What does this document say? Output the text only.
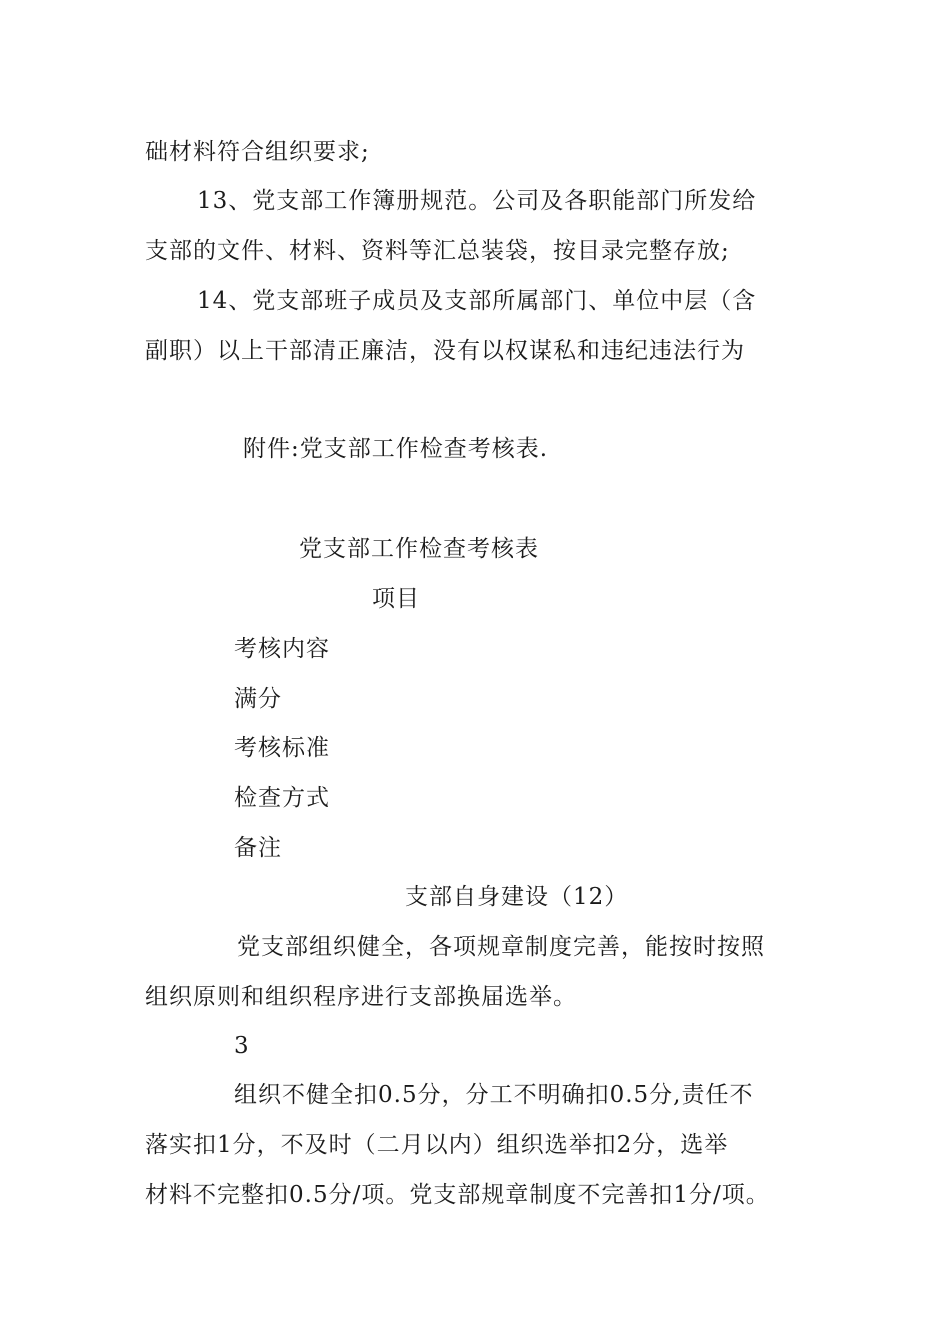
础材料符合组织要求;
13、党支部工作簿册规范。公司及各职能部门所发给
支部的文件、材料、资料等汇总装袋，按目录完整存放;
14、党支部班子成员及支部所属部门、单位中层（含
副职）以上干部清正廉洁，没有以权谋私和违纪违法行为
附件:党支部工作检查考核表.
党支部工作检查考核表
项目
考核内容
满分
考核标准
检查方式
备注
支部自身建设（12）
党支部组织健全，各项规章制度完善，能按时按照
组织原则和组织程序进行支部换届选举。
3
组织不健全扣0.5分，分工不明确扣0.5分,责任不
落实扣1分，不及时（二月以内）组织选举扣2分，选举
材料不完整扣0.5分/项。党支部规章制度不完善扣1分/项。
